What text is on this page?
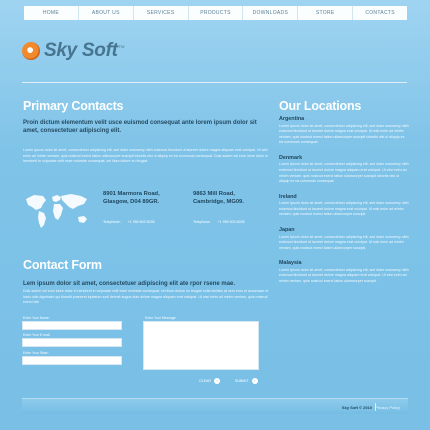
HOME	ABOUT US	SERVICES	PRODUCTS	DOWNLOADS	STORE	CONTACTS
Sky Soft TM
Primary Contacts
Proin dictum elementum velit usce euismod consequat ante lorem ipsum dolor sit amet, consectetuer adipiscing elit.
Lorem ipsum dolor sit amet, consectetuer adipiscing elit, sed diam nonummy nibh euismod tincidunt ut laoreet dolore magna aliquam erat volutpat. Ut wisi enim ad minim veniam, quis nostrud exerci tation ullamcorper suscipit lobortis nisl ut aliquip ex ea commodo consequat. Duis autem vel eum iriure dolor in hendrerit in vulputate velit esse molestie consequat, vel illum dolore eu feugiat.
8901 Marmora Road,
Glasgow, D04 89GR.
Telephone: +1 959 603 6035
mail@companyname.com
9863 Mill Road,
Cambridge, MG09.
Telephone: +1 959 603 6035
mail@companyname.com
Contact Form
Lem ipsum dolor sit amet, consectetuer adipiscing elit ate rpor rsene mae.
Duis autem vel eum iriure dolor in hendrerit in vulputate velit esse molestie consequat, vel illum dolore eu feugiat nulla facilisis at vero eros et accumsan et iusto odio dignissim qui blandit praesent luptatum zzril delenit augue duis dolore magna aliquam erat volutpat. Ut wisi enim ad minim veniam, quis nostrud exerci tati.
Enter Your Name:
Enter Your E-mail:
Enter Your State:
Enter Your Message:
CLEAR	›	SUBMIT	›
Our Locations
Argentina
Lorem ipsum dolor sit amet, consectetuer adipiscing elit, sed diam nonummy nibh euismod tincidunt ut laoreet dolore magna erat volutpat. Ut wisi enim ad minim veniam, quis nostrud exerci tation ullamcorper suscipit lobortis nisl ut aliquip ex ea commodo consequat.
Denmark
Lorem ipsum dolor sit amet, consectetuer adipiscing elit, sed diam nonummy nibh euismod tincidunt ut laoreet dolore magna aliquam erat volutpat. Ut wisi enim ad minim veniam, quis nostrud exerci tation ullamcorper suscipit lobortis nisl ut aliquip ex ea commodo consequat.
Ireland
Lorem ipsum dolor sit amet, consectetuer adipiscing elit, sed diam nonummy nibh euismod tincidunt ut laoreet dolore magna erat volutpat. Ut wisi enim ad minim veniam, quis nostrud exerci tation ullamcorper suscipit.
Japan
Lorem ipsum dolor sit amet, consectetuer adipiscing elit, sed diam nonummy nibh euismod tincidunt ut laoreet dolore magna erat volutpat. Ut wisi enim ad minim veniam, quis nostrud exerci tation ullamcorper suscipit.
Malaysia
Lorem ipsum dolor sit amet, consectetuer adipiscing elit, sed diam nonummy nibh euismod tincidunt ut laoreet dolore magna aliquam erat volutpat. Ut wisi enim ad minim veniam, quis nostrud exerci tation ullamcorper suscipit.
Sky Soft © 2010 Privacy Policy
